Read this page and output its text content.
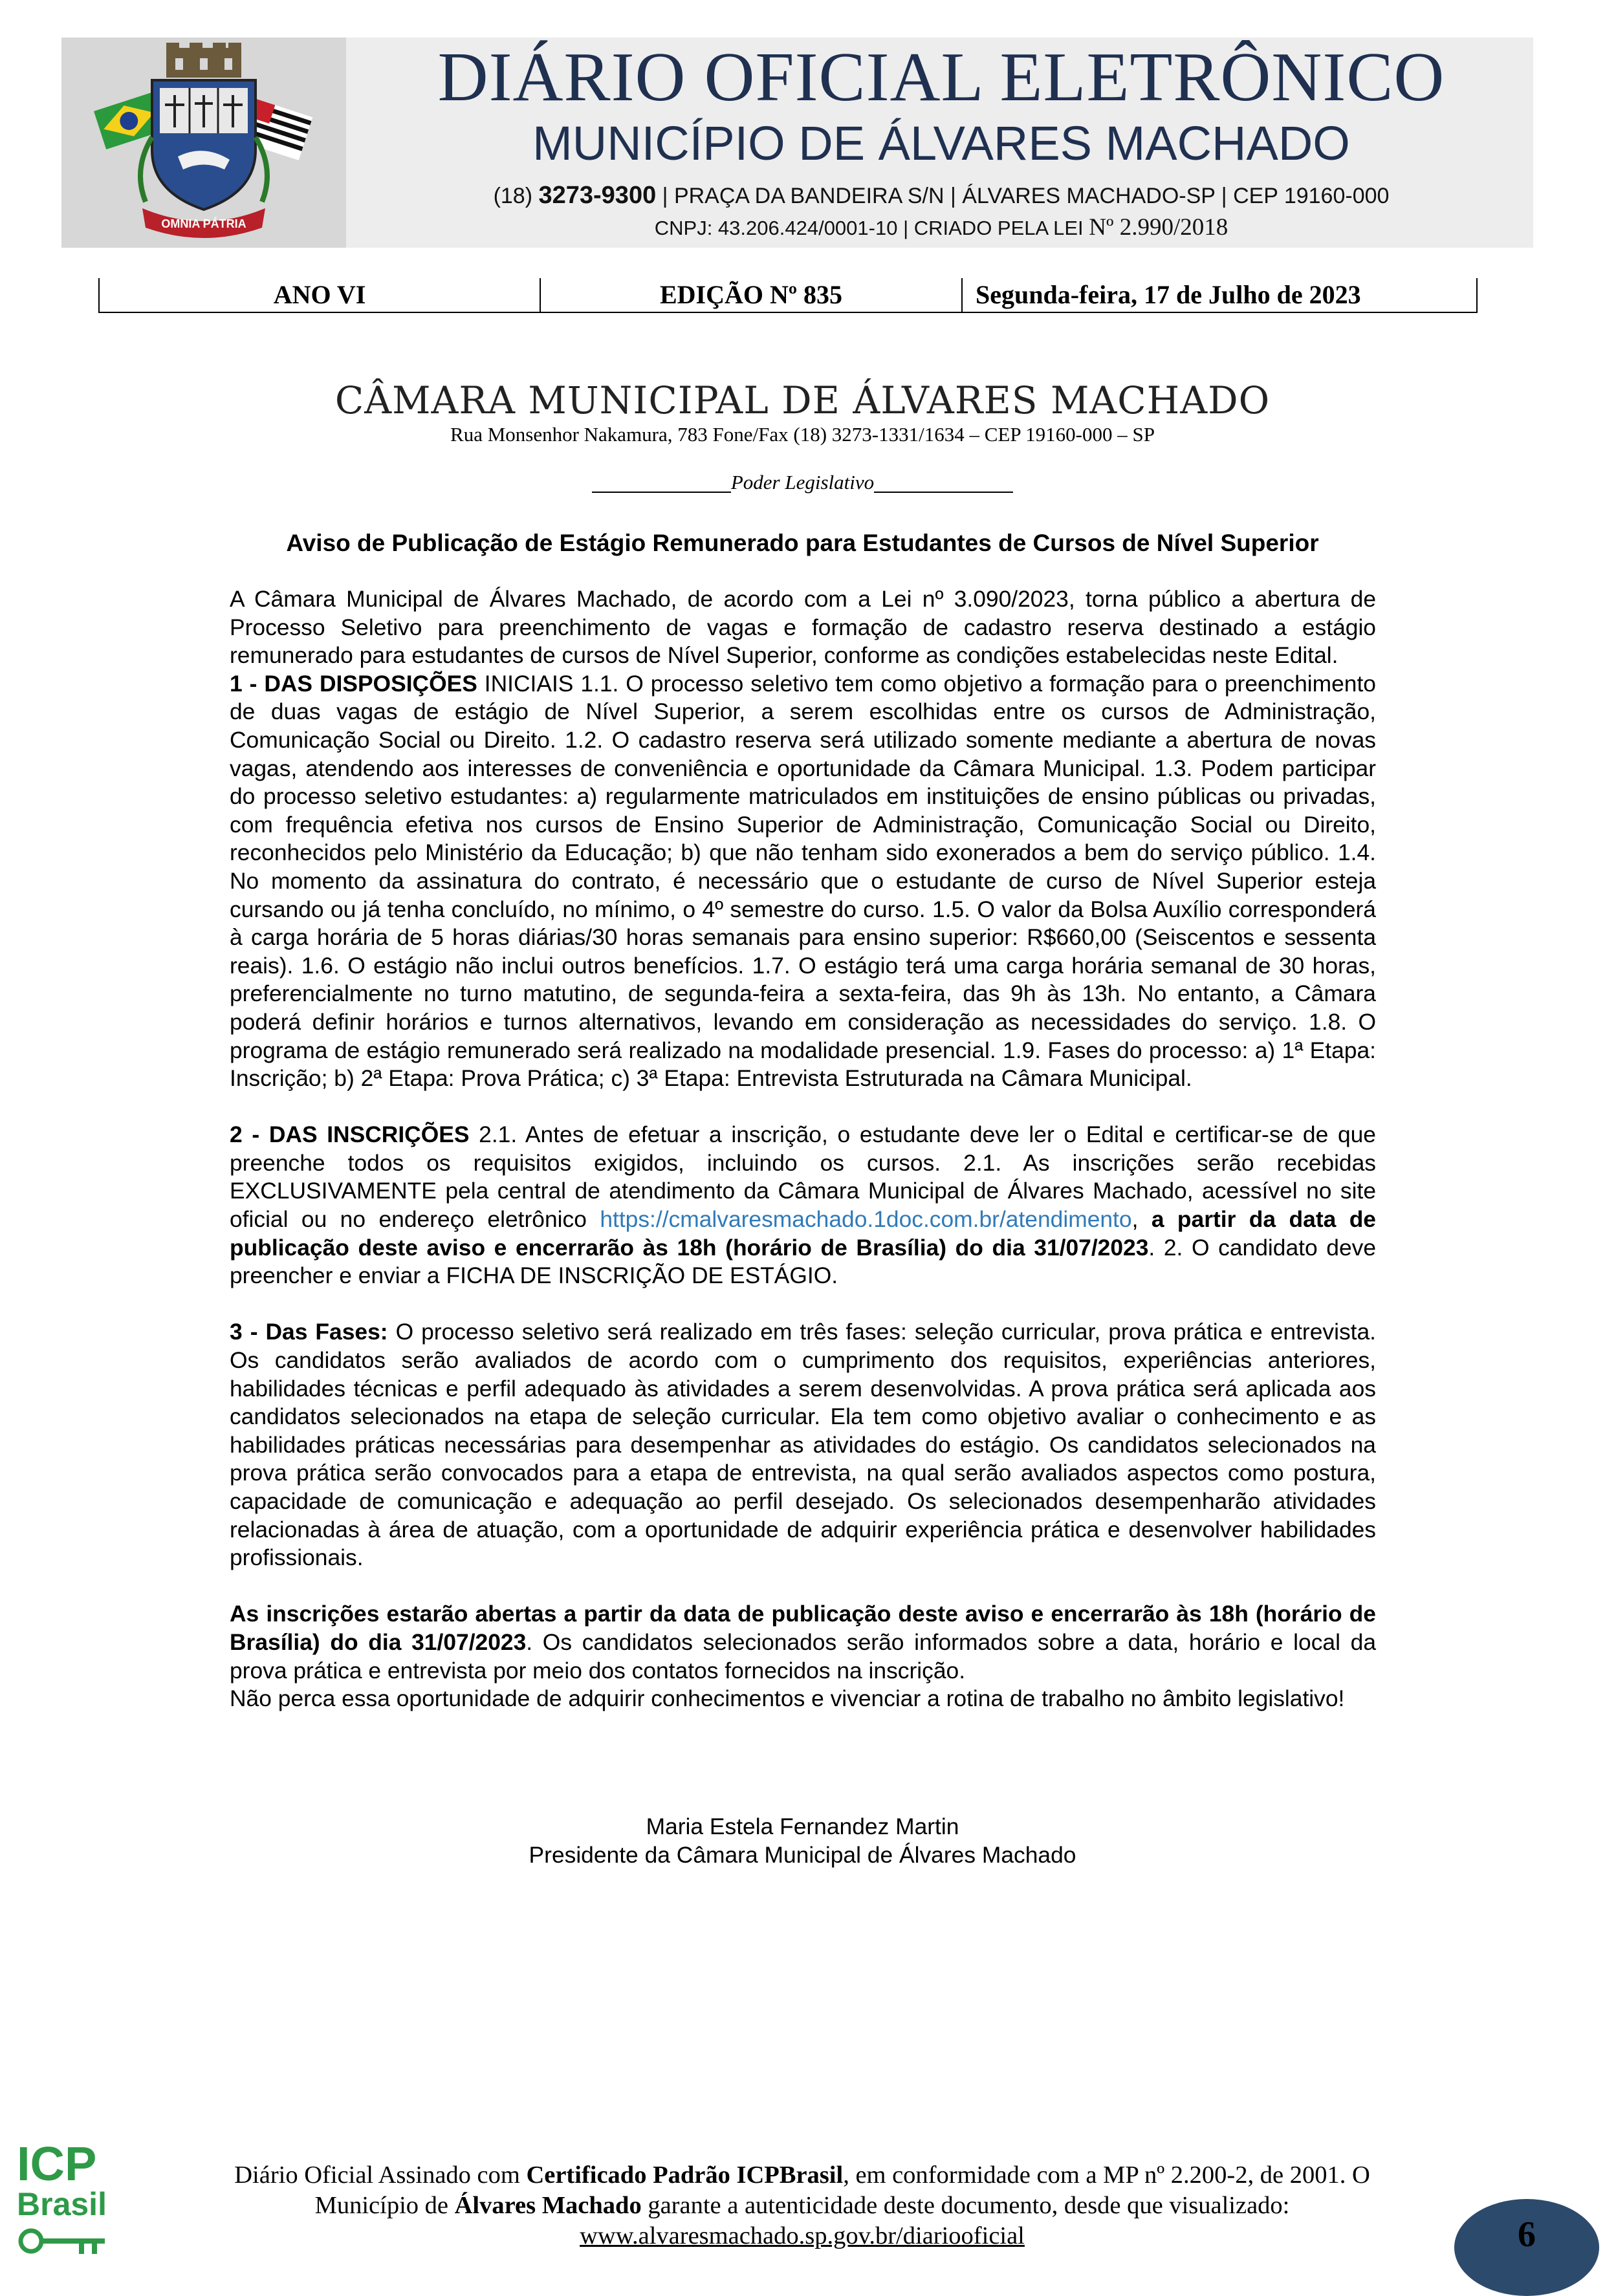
OMNIA PÁTRIA
DIÁRIO OFICIAL ELETRÔNICO
MUNICÍPIO DE ÁLVARES MACHADO
(18) 3273-9300 | PRAÇA DA BANDEIRA S/N | ÁLVARES MACHADO-SP | CEP 19160-000
CNPJ: 43.206.424/0001-10 | CRIADO PELA LEI Nº 2.990/2018
ANO VI	EDIÇÃO Nº 835	Segunda-feira, 17 de Julho de 2023
CÂMARA MUNICIPAL DE ÁLVARES MACHADO
Rua Monsenhor Nakamura, 783 Fone/Fax (18) 3273-1331/1634 – CEP 19160-000 – SP
Poder Legislativo
Aviso de Publicação de Estágio Remunerado para Estudantes de Cursos de Nível Superior

A Câmara Municipal de Álvares Machado, de acordo com a Lei nº 3.090/2023, torna público a abertura de Processo Seletivo para preenchimento de vagas e formação de cadastro reserva destinado a estágio remunerado para estudantes de cursos de Nível Superior, conforme as condições estabelecidas neste Edital.

1 - DAS DISPOSIÇÕES INICIAIS 1.1. O processo seletivo tem como objetivo a formação para o preenchimento de duas vagas de estágio de Nível Superior, a serem escolhidas entre os cursos de Administração, Comunicação Social ou Direito. 1.2. O cadastro reserva será utilizado somente mediante a abertura de novas vagas, atendendo aos interesses de conveniência e oportunidade da Câmara Municipal. 1.3. Podem participar do processo seletivo estudantes: a) regularmente matriculados em instituições de ensino públicas ou privadas, com frequência efetiva nos cursos de Ensino Superior de Administração, Comunicação Social ou Direito, reconhecidos pelo Ministério da Educação; b) que não tenham sido exonerados a bem do serviço público. 1.4. No momento da assinatura do contrato, é necessário que o estudante de curso de Nível Superior esteja cursando ou já tenha concluído, no mínimo, o 4º semestre do curso. 1.5. O valor da Bolsa Auxílio corresponderá à carga horária de 5 horas diárias/30 horas semanais para ensino superior: R$660,00 (Seiscentos e sessenta reais). 1.6. O estágio não inclui outros benefícios. 1.7. O estágio terá uma carga horária semanal de 30 horas, preferencialmente no turno matutino, de segunda-feira a sexta-feira, das 9h às 13h. No entanto, a Câmara poderá definir horários e turnos alternativos, levando em consideração as necessidades do serviço. 1.8. O programa de estágio remunerado será realizado na modalidade presencial. 1.9. Fases do processo: a) 1ª Etapa: Inscrição; b) 2ª Etapa: Prova Prática; c) 3ª Etapa: Entrevista Estruturada na Câmara Municipal.

2 - DAS INSCRIÇÕES 2.1. Antes de efetuar a inscrição, o estudante deve ler o Edital e certificar-se de que preenche todos os requisitos exigidos, incluindo os cursos. 2.1. As inscrições serão recebidas EXCLUSIVAMENTE pela central de atendimento da Câmara Municipal de Álvares Machado, acessível no site oficial ou no endereço eletrônico https://cmalvaresmachado.1doc.com.br/atendimento, a partir da data de publicação deste aviso e encerrarão às 18h (horário de Brasília) do dia 31/07/2023. 2. O candidato deve preencher e enviar a FICHA DE INSCRIÇÃO DE ESTÁGIO.

3 - Das Fases: O processo seletivo será realizado em três fases: seleção curricular, prova prática e entrevista. Os candidatos serão avaliados de acordo com o cumprimento dos requisitos, experiências anteriores, habilidades técnicas e perfil adequado às atividades a serem desenvolvidas. A prova prática será aplicada aos candidatos selecionados na etapa de seleção curricular. Ela tem como objetivo avaliar o conhecimento e as habilidades práticas necessárias para desempenhar as atividades do estágio. Os candidatos selecionados na prova prática serão convocados para a etapa de entrevista, na qual serão avaliados aspectos como postura, capacidade de comunicação e adequação ao perfil desejado. Os selecionados desempenharão atividades relacionadas à área de atuação, com a oportunidade de adquirir experiência prática e desenvolver habilidades profissionais.

As inscrições estarão abertas a partir da data de publicação deste aviso e encerrarão às 18h (horário de Brasília) do dia 31/07/2023. Os candidatos selecionados serão informados sobre a data, horário e local da prova prática e entrevista por meio dos contatos fornecidos na inscrição.

Não perca essa oportunidade de adquirir conhecimentos e vivenciar a rotina de trabalho no âmbito legislativo!

Maria Estela Fernandez Martin
Presidente da Câmara Municipal de Álvares Machado
ICP
Brasil
Diário Oficial Assinado com Certificado Padrão ICPBrasil, em conformidade com a MP nº 2.200-2, de 2001. O Município de Álvares Machado garante a autenticidade deste documento, desde que visualizado: www.alvaresmachado.sp.gov.br/diariooficial	6
